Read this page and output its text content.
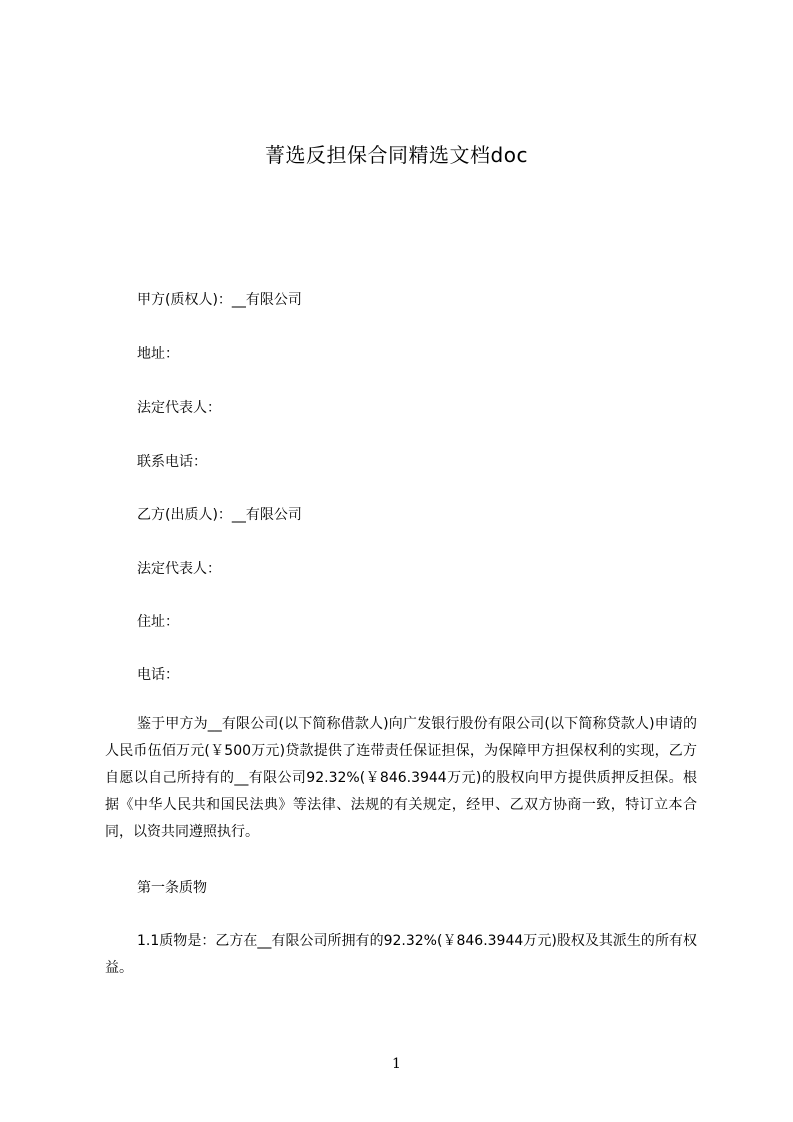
菁选反担保合同精选文档doc
甲方(质权人)：__有限公司
地址：
法定代表人：
联系电话：
乙方(出质人)：__有限公司
法定代表人：
住址：
电话：
鉴于甲方为__有限公司(以下简称借款人)向广发银行股份有限公司(以下简称贷款人)申请的人民币伍佰万元(￥500万元)贷款提供了连带责任保证担保，为保障甲方担保权利的实现，乙方自愿以自己所持有的__有限公司92.32%(￥846.3944万元)的股权向甲方提供质押反担保。根据《中华人民共和国民法典》等法律、法规的有关规定，经甲、乙双方协商一致，特订立本合同，以资共同遵照执行。
第一条质物
1.1质物是：乙方在__有限公司所拥有的92.32%(￥846.3944万元)股权及其派生的所有权益。
1
